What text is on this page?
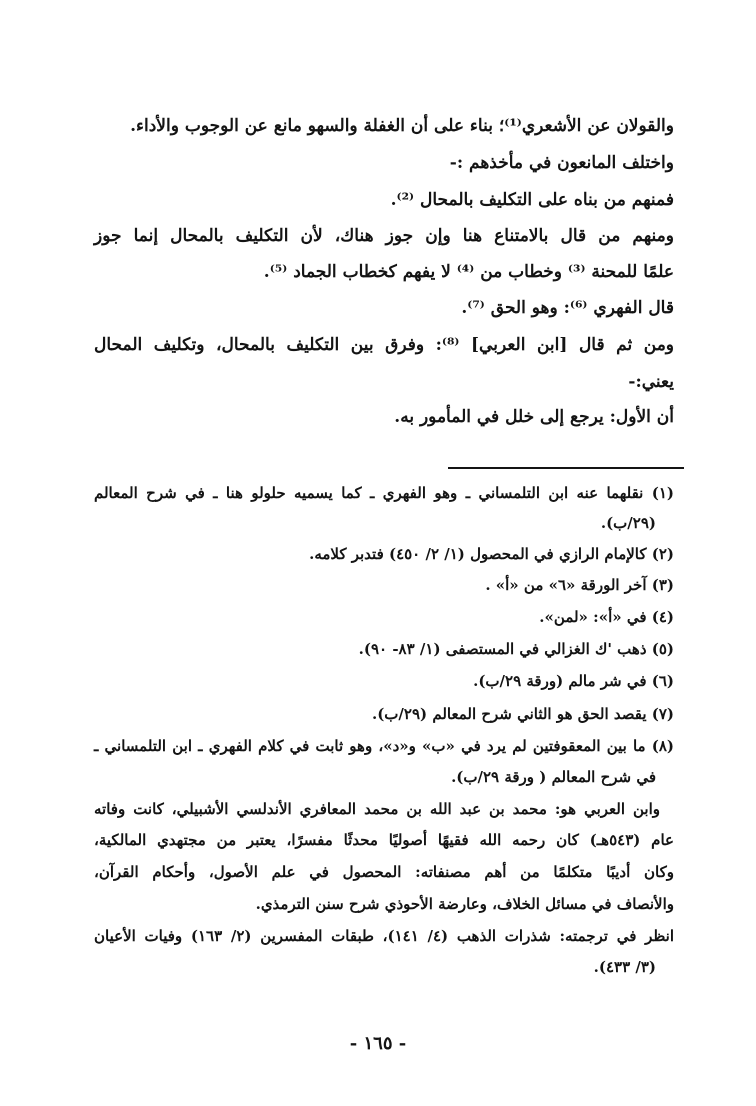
والقولان عن الأشعري⁽¹⁾؛ بناء على أن الغفلة والسهو مانع عن الوجوب والأداء.
واختلف المانعون في مأخذهم :-
فمنهم من بناه على التكليف بالمحال ⁽²⁾.
ومنهم من قال بالامتناع هنا وإن جوز هناك، لأن التكليف بالمحال إنما جوز
علمًا للمحنة ⁽³⁾ وخطاب من ⁽⁴⁾ لا يفهم كخطاب الجماد ⁽⁵⁾.
قال الفهري ⁽⁶⁾: وهو الحق ⁽⁷⁾.
ومن ثم قال [ابن العربي] ⁽⁸⁾: وفرق بين التكليف بالمحال، وتكليف المحال
يعني:-
أن الأول: يرجع إلى خلل في المأمور به.
(١) نقلهما عنه ابن التلمساني ـ وهو الفهري ـ كما يسميه حلولو هنا ـ في شرح المعالم
(٢٩/ب).
(٢) كالإمام الرازي في المحصول (١/ ٢/ ٤٥٠) فتدبر كلامه.
(٣) آخر الورقة «٦» من «أ» .
(٤) في «أ»: «لمن».
(٥) ذهب 'ك الغزالي في المستصفى (١/ ٨٣- ٩٠).
(٦) في شر مالم (ورقة ٢٩/ب).
(٧) يقصد الحق هو الثاني شرح المعالم (٢٩/ب).
(٨) ما بين المعقوفتين لم يرد في «ب» و«د»، وهو ثابت في كلام الفهري ـ ابن التلمساني ـ
في شرح المعالم ( ورقة ٢٩/ب).
وابن العربي هو: محمد بن عبد الله بن محمد المعافري الأندلسي الأشبيلي، كانت وفاته
عام (٥٤٣هـ) كان رحمه الله فقيهًا أصوليًا محدثًا مفسرًا، يعتبر من مجتهدي المالكية،
وكان أديبًا متكلمًا من أهم مصنفاته: المحصول في علم الأصول، وأحكام القرآن،
والأنصاف في مسائل الخلاف، وعارضة الأحوذي شرح سنن الترمذي.
انظر في ترجمته: شذرات الذهب (٤/ ١٤١)، طبقات المفسرين (٢/ ١٦٣) وفيات الأعيان
(٣/ ٤٣٣).
- ١٦٥ -
